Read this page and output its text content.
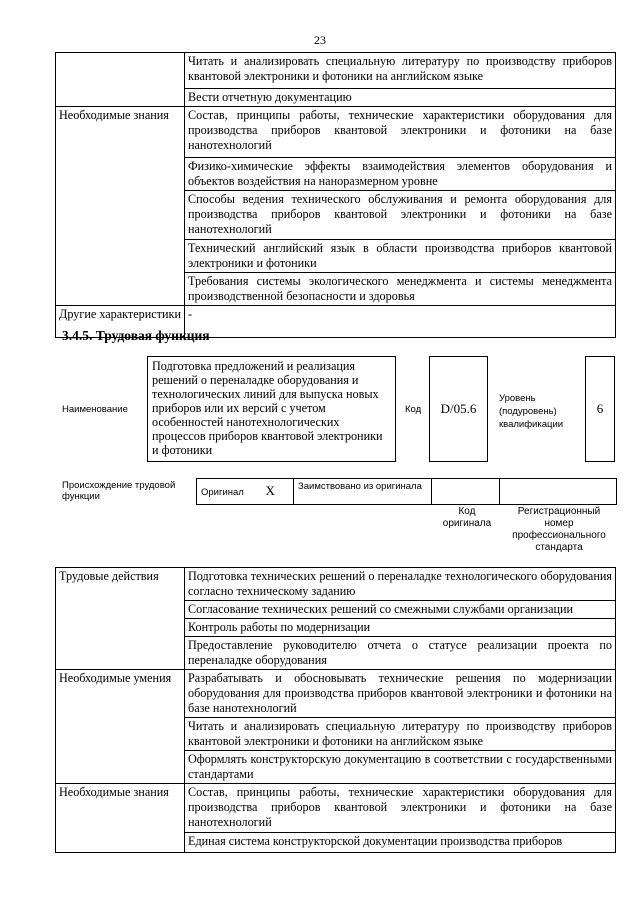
23
	Читать и анализировать специальную литературу по производству приборов квантовой электроники и фотоники на английском языке
	Вести отчетную документацию
Необходимые знания	Состав, принципы работы, технические характеристики оборудования для производства приборов квантовой электроники и фотоники на базе нанотехнологий
	Физико-химические эффекты взаимодействия элементов оборудования и объектов воздействия на наноразмерном уровне
	Способы ведения технического обслуживания и ремонта оборудования для производства приборов квантовой электроники и фотоники на базе нанотехнологий
	Технический английский язык в области производства приборов квантовой электроники и фотоники
	Требования системы экологического менеджмента и системы менеджмента производственной безопасности и здоровья
Другие характеристики	-
3.4.5. Трудовая функция
Наименование
Подготовка предложений и реализация решений о переналадке оборудования и технологических линий для выпуска новых приборов или их версий с учетом особенностей нанотехнологических процессов приборов квантовой электроники и фотоники
Код	D/05.6
Уровень (подуровень) квалификации
6
Происхождение трудовой функции	Оригинал	X	Заимствовано из оригинала		
Код оригинала
Регистрационный номер профессионального стандарта
Трудовые действия	Подготовка технических решений о переналадке технологического оборудования согласно техническому заданию
	Согласование технических решений со смежными службами организации
	Контроль работы по модернизации
	Предоставление руководителю отчета о статусе реализации проекта по переналадке оборудования
Необходимые умения	Разрабатывать и обосновывать технические решения по модернизации оборудования для производства приборов квантовой электроники и фотоники на базе нанотехнологий
	Читать и анализировать специальную литературу по производству приборов квантовой электроники и фотоники на английском языке
	Оформлять конструкторскую документацию в соответствии с государственными стандартами
Необходимые знания	Состав, принципы работы, технические характеристики оборудования для производства приборов квантовой электроники и фотоники на базе нанотехнологий
	Единая система конструкторской документации производства приборов
